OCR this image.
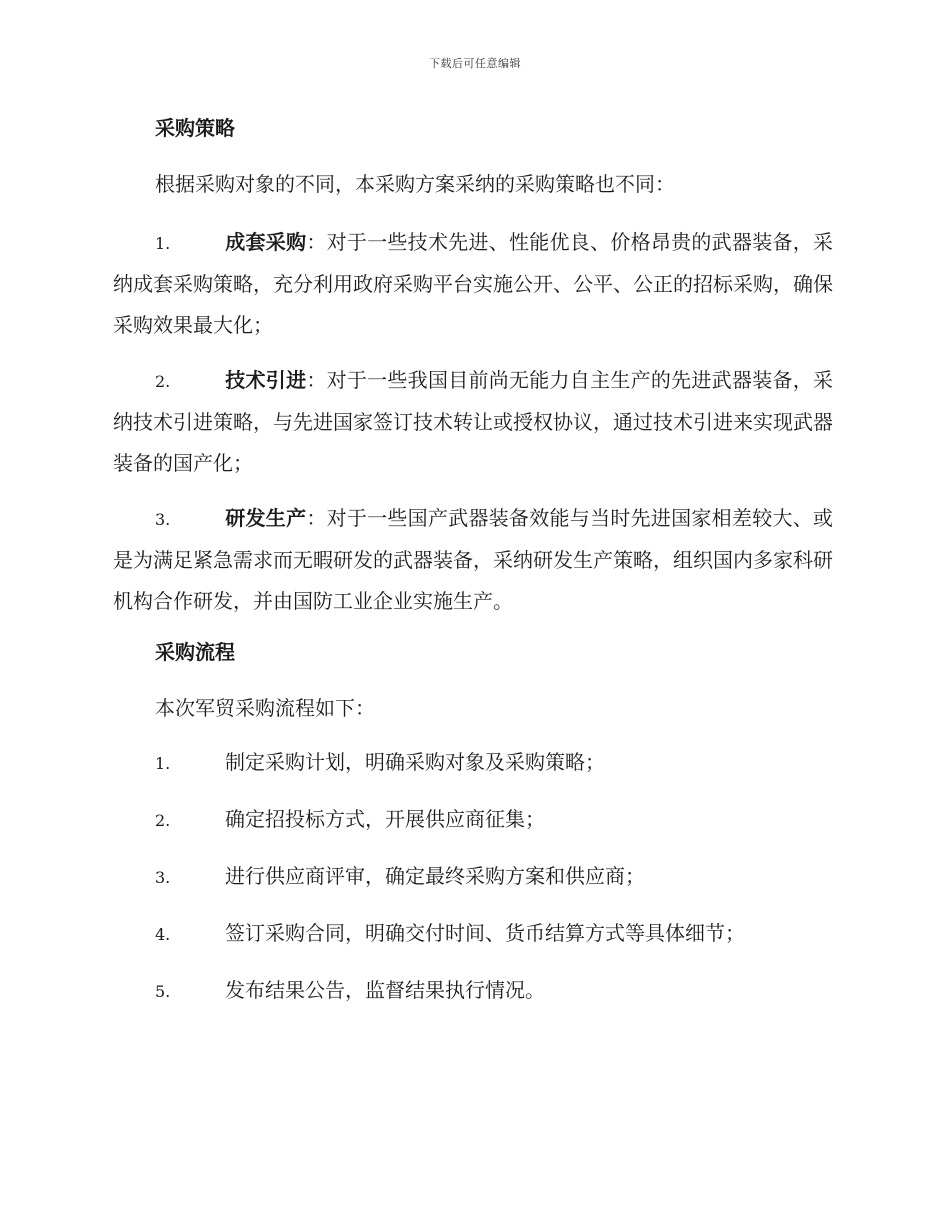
下载后可任意编辑
采购策略
根据采购对象的不同，本采购方案采纳的采购策略也不同：
1.	成套采购：对于一些技术先进、性能优良、价格昂贵的武器装备，采纳成套采购策略，充分利用政府采购平台实施公开、公平、公正的招标采购，确保采购效果最大化；
2.	技术引进：对于一些我国目前尚无能力自主生产的先进武器装备，采纳技术引进策略，与先进国家签订技术转让或授权协议，通过技术引进来实现武器装备的国产化；
3.	研发生产：对于一些国产武器装备效能与当时先进国家相差较大、或是为满足紧急需求而无暇研发的武器装备，采纳研发生产策略，组织国内多家科研机构合作研发，并由国防工业企业实施生产。
采购流程
本次军贸采购流程如下：
1.	制定采购计划，明确采购对象及采购策略；
2.	确定招投标方式，开展供应商征集；
3.	进行供应商评审，确定最终采购方案和供应商；
4.	签订采购合同，明确交付时间、货币结算方式等具体细节；
5.	发布结果公告，监督结果执行情况。
